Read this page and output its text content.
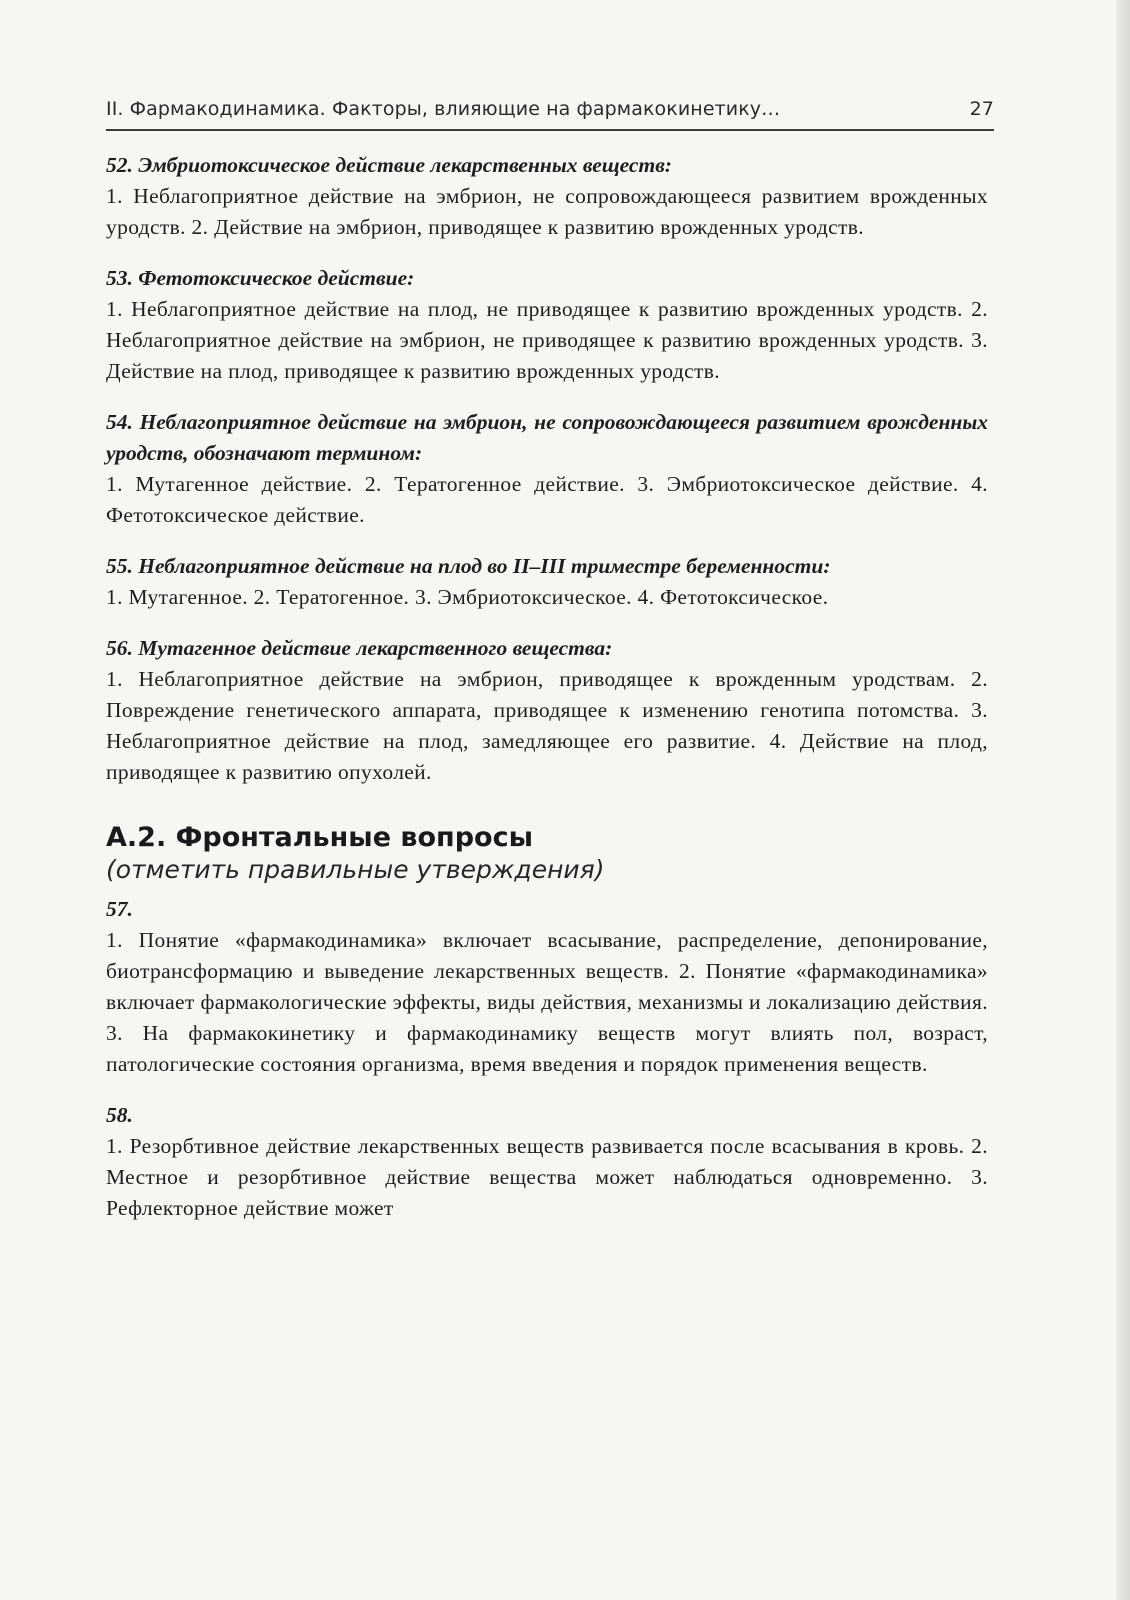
II. Фармакодинамика. Факторы, влияющие на фармакокинетику…	27

52. Эмбриотоксическое действие лекарственных веществ:

1. Неблагоприятное действие на эмбрион, не сопровождающееся развитием врожденных уродств. 2. Действие на эмбрион, приводящее к развитию врожденных уродств.

53. Фетотоксическое действие:

1. Неблагоприятное действие на плод, не приводящее к развитию врожденных уродств. 2. Неблагоприятное действие на эмбрион, не приводящее к развитию врожденных уродств. 3. Действие на плод, приводящее к развитию врожденных уродств.

54. Неблагоприятное действие на эмбрион, не сопровождающееся развитием врожденных уродств, обозначают термином:

1. Мутагенное действие. 2. Тератогенное действие. 3. Эмбриотоксическое действие. 4. Фетотоксическое действие.

55. Неблагоприятное действие на плод во II–III триместре беременности:

1. Мутагенное. 2. Тератогенное. 3. Эмбриотоксическое. 4. Фетотоксическое.

56. Мутагенное действие лекарственного вещества:

1. Неблагоприятное действие на эмбрион, приводящее к врожденным уродствам. 2. Повреждение генетического аппарата, приводящее к изменению генотипа потомства. 3. Неблагоприятное действие на плод, замедляющее его развитие. 4. Действие на плод, приводящее к развитию опухолей.

А.2. Фронтальные вопросы

(отметить правильные утверждения)

57.

1. Понятие «фармакодинамика» включает всасывание, распределение, депонирование, биотрансформацию и выведение лекарственных веществ. 2. Понятие «фармакодинамика» включает фармакологические эффекты, виды действия, механизмы и локализацию действия. 3. На фармакокинетику и фармакодинамику веществ могут влиять пол, возраст, патологические состояния организма, время введения и порядок применения веществ.

58.

1. Резорбтивное действие лекарственных веществ развивается после всасывания в кровь. 2. Местное и резорбтивное действие вещества может наблюдаться одновременно. 3. Рефлекторное действие может
